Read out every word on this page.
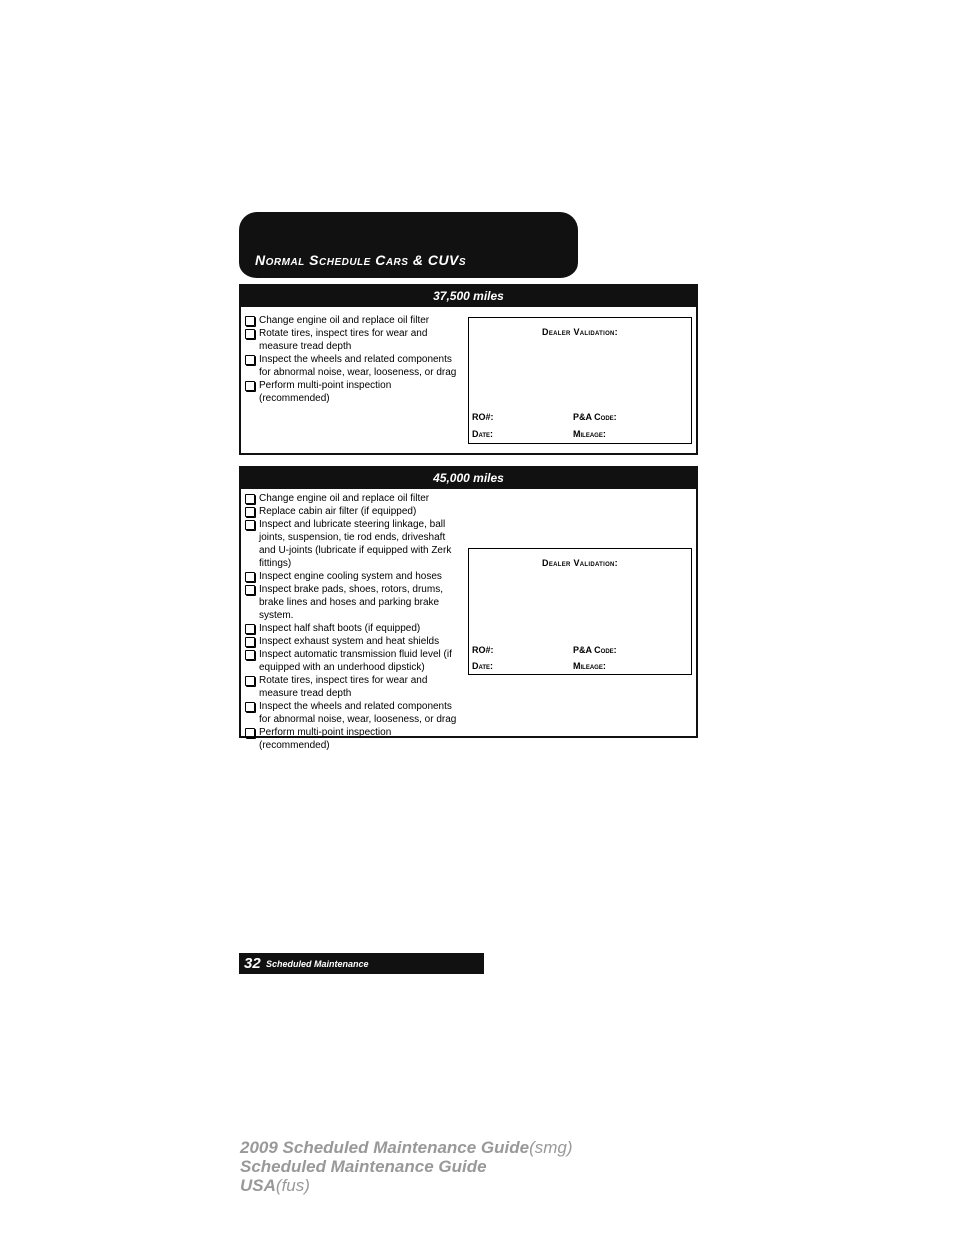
Normal Schedule Cars & CUVs
37,500 miles
Change engine oil and replace oil filter
Rotate tires, inspect tires for wear and measure tread depth
Inspect the wheels and related components for abnormal noise, wear, looseness, or drag
Perform multi-point inspection (recommended)
Dealer Validation:
RO#:	P&A Code:
Date:	Mileage:
45,000 miles
Change engine oil and replace oil filter
Replace cabin air filter (if equipped)
Inspect and lubricate steering linkage, ball joints, suspension, tie rod ends, driveshaft and U-joints (lubricate if equipped with Zerk fittings)
Inspect engine cooling system and hoses
Inspect brake pads, shoes, rotors, drums, brake lines and hoses and parking brake system.
Inspect half shaft boots (if equipped)
Inspect exhaust system and heat shields
Inspect automatic transmission fluid level (if equipped with an underhood dipstick)
Rotate tires, inspect tires for wear and measure tread depth
Inspect the wheels and related components for abnormal noise, wear, looseness, or drag
Perform multi-point inspection (recommended)
Dealer Validation:
RO#:	P&A Code:
Date:	Mileage:
32 Scheduled Maintenance
2009 Scheduled Maintenance Guide(smg)
Scheduled Maintenance Guide
USA(fus)
